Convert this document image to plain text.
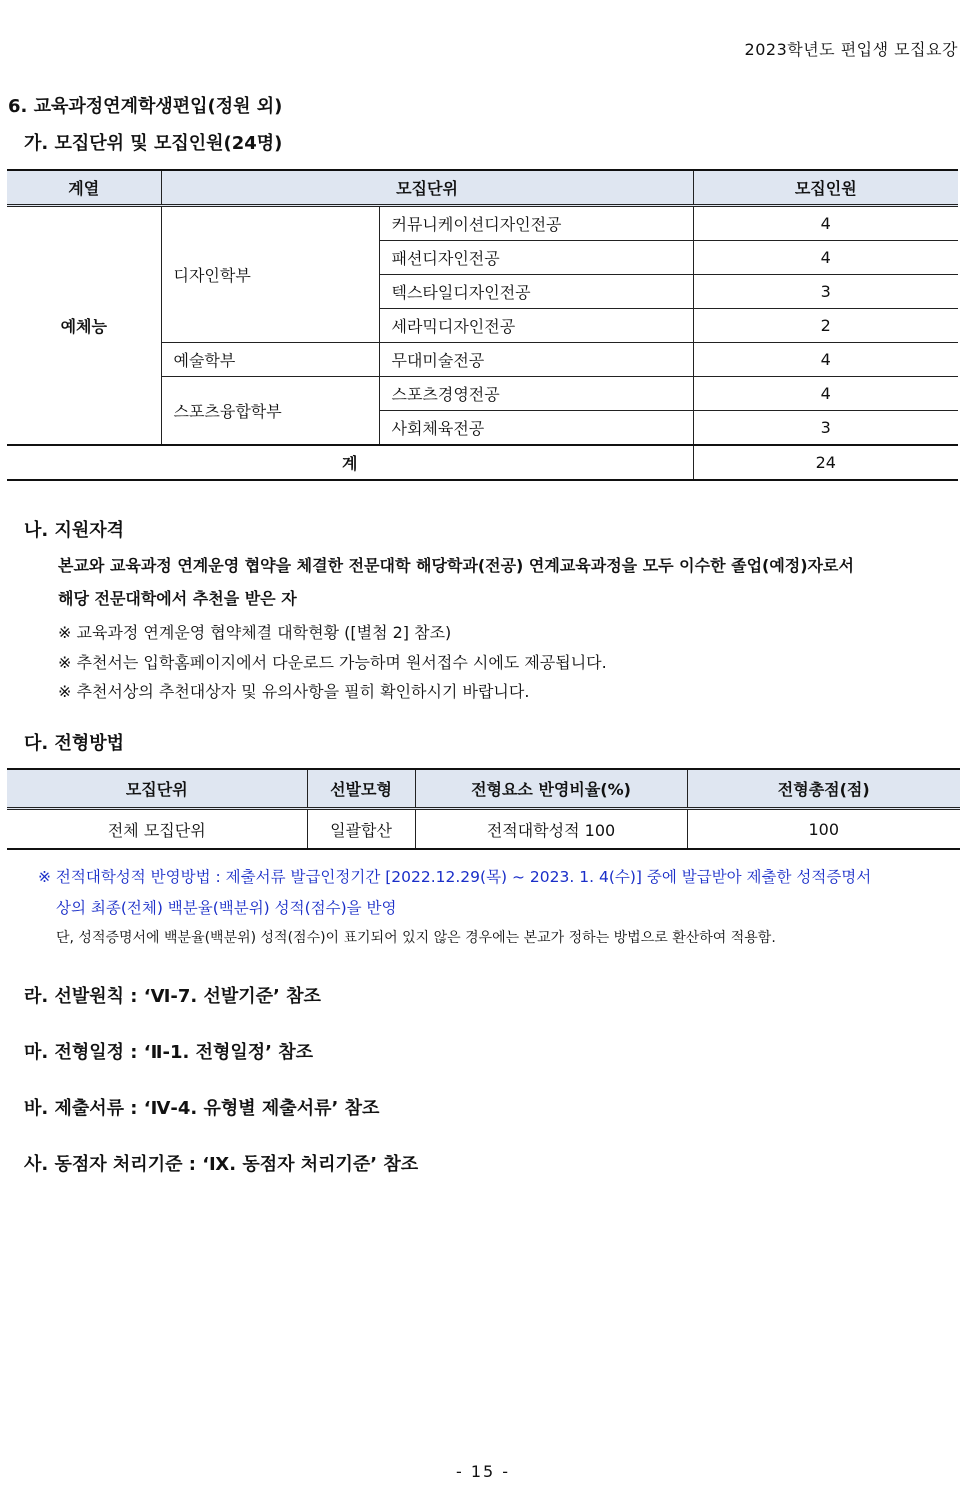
2023학년도 편입생 모집요강
6. 교육과정연계학생편입(정원 외)
가. 모집단위 및 모집인원(24명)
계열	모집단위		모집인원
예체능	디자인학부	커뮤니케이션디자인전공	4
		패션디자인전공	4
		텍스타일디자인전공	3
		세라믹디자인전공	2
	예술학부	무대미술전공	4
	스포츠융합학부	스포츠경영전공	4
		사회체육전공	3
계			24
나. 지원자격
본교와 교육과정 연계운영 협약을 체결한 전문대학 해당학과(전공) 연계교육과정을 모두 이수한 졸업(예정)자로서
해당 전문대학에서 추천을 받은 자
※ 교육과정 연계운영 협약체결 대학현황 ([별첨 2] 참조)
※ 추천서는 입학홈페이지에서 다운로드 가능하며 원서접수 시에도 제공됩니다.
※ 추천서상의 추천대상자 및 유의사항을 필히 확인하시기 바랍니다.
다. 전형방법
모집단위	선발모형	전형요소 반영비율(%)	전형총점(점)
전체 모집단위	일괄합산	전적대학성적 100	100
※ 전적대학성적 반영방법 : 제출서류 발급인정기간 [2022.12.29(목) ~ 2023. 1. 4(수)] 중에 발급받아 제출한 성적증명서
상의 최종(전체) 백분율(백분위) 성적(점수)을 반영
단, 성적증명서에 백분율(백분위) 성적(점수)이 표기되어 있지 않은 경우에는 본교가 정하는 방법으로 환산하여 적용함.
라. 선발원칙 : ‘Ⅵ-7. 선발기준’ 참조
마. 전형일정 : ‘Ⅱ-1. 전형일정’ 참조
바. 제출서류 : ‘Ⅳ-4. 유형별 제출서류’ 참조
사. 동점자 처리기준 : ‘Ⅸ. 동점자 처리기준’ 참조
- 15 -
